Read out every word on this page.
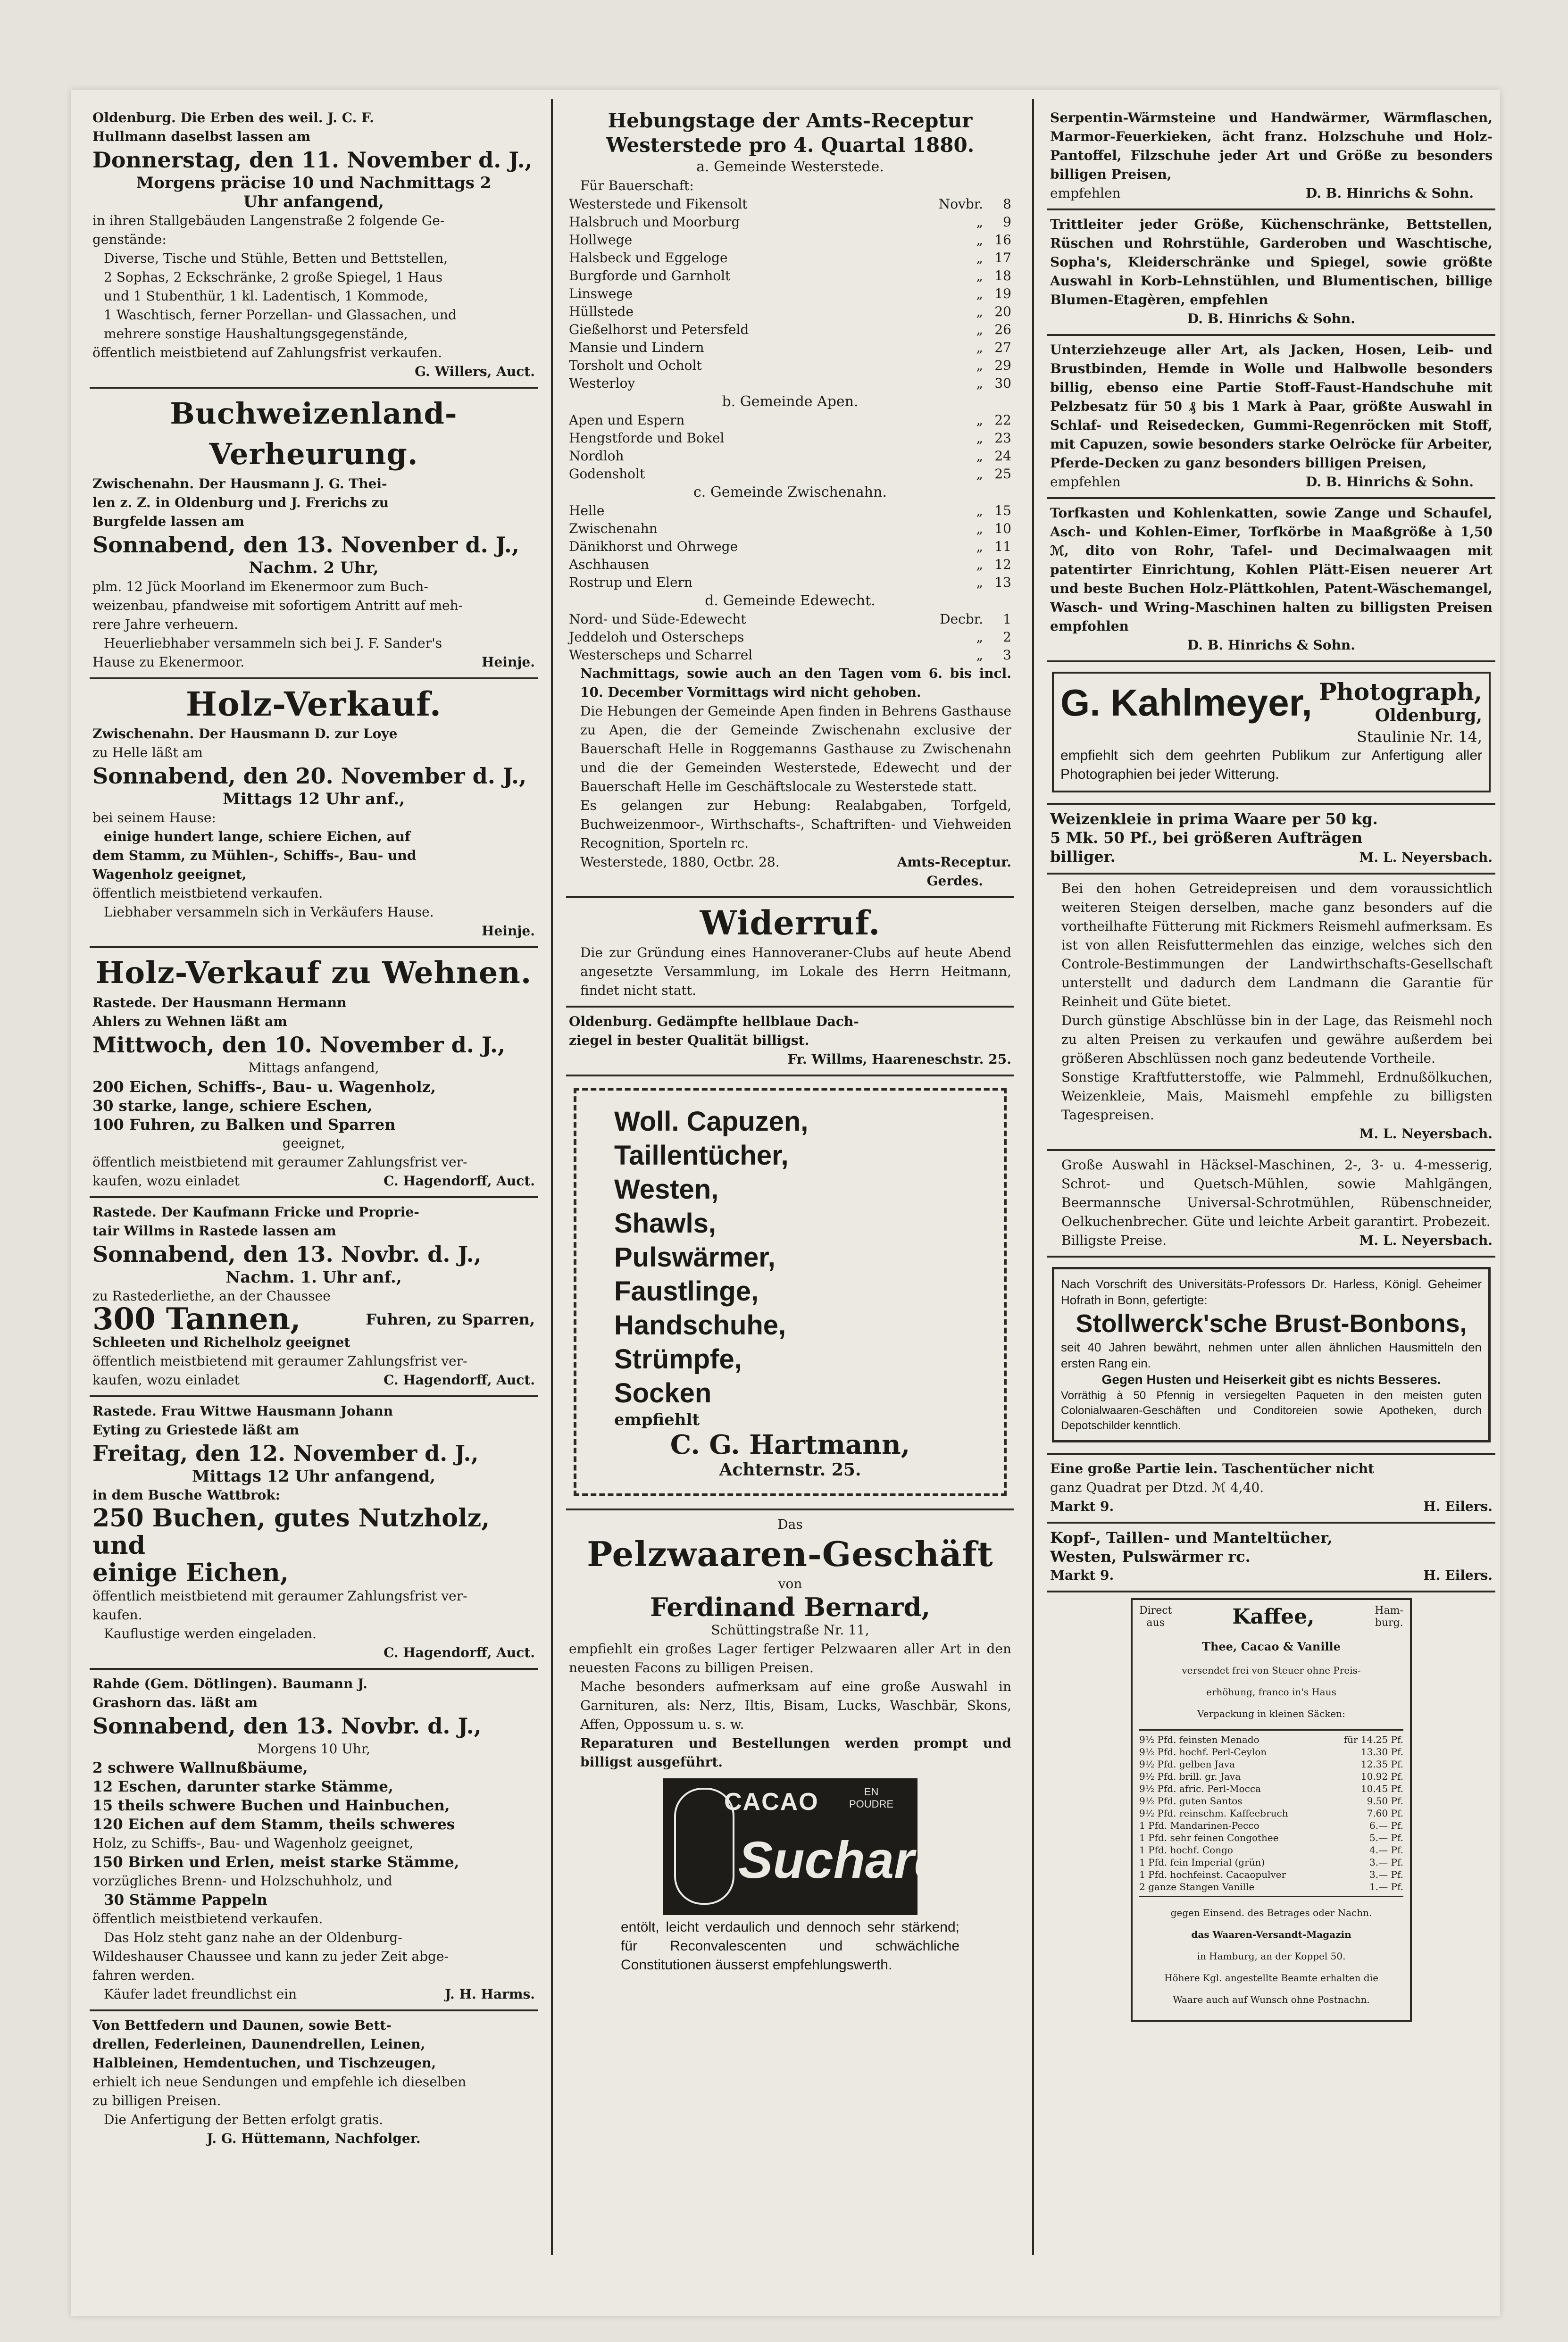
Oldenburg. Die Erben des weil. J. C. F.

Hullmann daselbst lassen am

Donnerstag, den 11. November d. J.,

Morgens präcise 10 und Nachmittags 2

Uhr anfangend,

in ihren Stallgebäuden Langenstraße 2 folgende Ge-

genstände:

Diverse, Tische und Stühle, Betten und Bettstellen,

2 Sophas, 2 Eckschränke, 2 große Spiegel, 1 Haus

und 1 Stubenthür, 1 kl. Ladentisch, 1 Kommode,

1 Waschtisch, ferner Porzellan- und Glassachen, und

mehrere sonstige Haushaltungsgegenstände,

öffentlich meistbietend auf Zahlungsfrist verkaufen.

G. Willers, Auct.

Buchweizenland-Verheurung.

Zwischenahn. Der Hausmann J. G. Thei-

len z. Z. in Oldenburg und J. Frerichs zu

Burgfelde lassen am

Sonnabend, den 13. Novenber d. J.,

Nachm. 2 Uhr,

plm. 12 Jück Moorland im Ekenermoor zum Buch-

weizenbau, pfandweise mit sofortigem Antritt auf meh-

rere Jahre verheuern.

Heuerliebhaber versammeln sich bei J. F. Sander's

Hause zu Ekenermoor.	Heinje.

Holz-Verkauf.

Zwischenahn. Der Hausmann D. zur Loye

zu Helle läßt am

Sonnabend, den 20. November d. J.,

Mittags 12 Uhr anf.,

bei seinem Hause:

einige hundert lange, schiere Eichen, auf

dem Stamm, zu Mühlen-, Schiffs-, Bau- und

Wagenholz geeignet,

öffentlich meistbietend verkaufen.

Liebhaber versammeln sich in Verkäufers Hause.

Heinje.

Holz-Verkauf zu Wehnen.

Rastede. Der Hausmann Hermann

Ahlers zu Wehnen läßt am

Mittwoch, den 10. November d. J.,

Mittags anfangend,

200 Eichen, Schiffs-, Bau- u. Wagenholz,

30 starke, lange, schiere Eschen,

100 Fuhren, zu Balken und Sparren

geeignet,

öffentlich meistbietend mit geraumer Zahlungsfrist ver-

kaufen, wozu einladet	C. Hagendorff, Auct.

Rastede. Der Kaufmann Fricke und Proprie-

tair Willms in Rastede lassen am

Sonnabend, den 13. Novbr. d. J.,

Nachm. 1. Uhr anf.,

zu Rastederliethe, an der Chaussee

300 Tannen,	Fuhren, zu Sparren,

Schleeten und Richelholz geeignet

öffentlich meistbietend mit geraumer Zahlungsfrist ver-

kaufen, wozu einladet	C. Hagendorff, Auct.

Rastede. Frau Wittwe Hausmann Johann

Eyting zu Griestede läßt am

Freitag, den 12. November d. J.,

Mittags 12 Uhr anfangend,

in dem Busche Wattbrok:

250 Buchen, gutes Nutzholz, und

einige Eichen,

öffentlich meistbietend mit geraumer Zahlungsfrist ver-

kaufen.

Kauflustige werden eingeladen.

C. Hagendorff, Auct.

Rahde (Gem. Dötlingen). Baumann J.

Grashorn das. läßt am

Sonnabend, den 13. Novbr. d. J.,

Morgens 10 Uhr,

2 schwere Wallnußbäume,

12 Eschen, darunter starke Stämme,

15 theils schwere Buchen und Hainbuchen,

120 Eichen auf dem Stamm, theils schweres

Holz, zu Schiffs-, Bau- und Wagenholz geeignet,

150 Birken und Erlen, meist starke Stämme,

vorzügliches Brenn- und Holzschuhholz, und

30 Stämme Pappeln

öffentlich meistbietend verkaufen.

Das Holz steht ganz nahe an der Oldenburg-

Wildeshauser Chaussee und kann zu jeder Zeit abge-

fahren werden.

Käufer ladet freundlichst ein	J. H. Harms.

Von Bettfedern und Daunen, sowie Bett-

drellen, Federleinen, Daunendrellen, Leinen,

Halbleinen, Hemdentuchen, und Tischzeugen,

erhielt ich neue Sendungen und empfehle ich dieselben

zu billigen Preisen.

Die Anfertigung der Betten erfolgt gratis.

J. G. Hüttemann, Nachfolger.

Hebungstage der Amts-Receptur

Westerstede pro 4. Quartal 1880.

a. Gemeinde Westerstede.

Für Bauerschaft:

Westerstede und Fikensolt	Novbr.	8
Halsbruch und Moorburg	„	9
Hollwege	„ 16
Halsbeck und Eggeloge	„ 17
Burgforde und Garnholt	„ 18
Linswege	„ 19
Hüllstede	„ 20
Gießelhorst und Petersfeld	„ 26
Mansie und Lindern	„ 27
Torsholt und Ocholt	„ 29
Westerloy	„ 30

b. Gemeinde Apen.

Apen und Espern	„ 22
Hengstforde und Bokel	„ 23
Nordloh	„ 24
Godensholt	„ 25

c. Gemeinde Zwischenahn.

Helle	„ 15
Zwischenahn	„ 10
Dänikhorst und Ohrwege	„ 11
Aschhausen	„ 12
Rostrup und Elern	„ 13

d. Gemeinde Edewecht.

Nord- und Süde-Edewecht	Decbr.	1
Jeddeloh und Osterscheps	„	2
Westerscheps und Scharrel	„	3

Nachmittags, sowie auch an den Tagen vom 6. bis incl. 10. December Vormittags wird nicht gehoben.

Die Hebungen der Gemeinde Apen finden in Behrens Gasthause zu Apen, die der Gemeinde Zwischenahn exclusive der Bauerschaft Helle in Roggemanns Gasthause zu Zwischenahn und die der Gemeinden Westerstede, Edewecht und der Bauerschaft Helle im Geschäftslocale zu Westerstede statt.

Es gelangen zur Hebung: Realabgaben, Torfgeld, Buchweizenmoor-, Wirthschafts-, Schaftriften- und Viehweiden Recognition, Sporteln rc.

Westerstede, 1880, Octbr. 28.	Amts-Receptur.

Gerdes.

Widerruf.

Die zur Gründung eines Hannoveraner-Clubs auf heute Abend angesetzte Versammlung, im Lokale des Herrn Heitmann, findet nicht statt.

Oldenburg. Gedämpfte hellblaue Dach-

ziegel in bester Qualität billigst.

Fr. Willms, Haareneschstr. 25.

Woll. Capuzen,

Taillentücher,

Westen,

Shawls,

Pulswärmer,

Faustlinge,

Handschuhe,

Strümpfe,

Socken

empfiehlt

C. G. Hartmann,

Achternstr. 25.

Das

Pelzwaaren-Geschäft

von

Ferdinand Bernard,

Schüttingstraße Nr. 11,

empfiehlt ein großes Lager fertiger Pelzwaaren aller Art in den neuesten Facons zu billigen Preisen.

Mache besonders aufmerksam auf eine große Auswahl in Garnituren, als: Nerz, Iltis, Bisam, Lucks, Waschbär, Skons, Affen, Oppossum u. s. w.

Reparaturen und Bestellungen werden prompt und billigst ausgeführt.

CACAO	EN
POUDRE
Suchard

entölt, leicht verdaulich und dennoch sehr stärkend; für Reconvalescenten und schwächliche Constitutionen äusserst empfehlungswerth.

Serpentin-Wärmsteine und Handwärmer, Wärmflaschen, Marmor-Feuerkieken, ächt franz. Holzschuhe und Holz-Pantoffel, Filzschuhe jeder Art und Größe zu besonders billigen Preisen,

empfehlen	D. B. Hinrichs & Sohn.

Trittleiter jeder Größe, Küchenschränke, Bettstellen, Rüschen und Rohrstühle, Garderoben und Waschtische, Sopha's, Kleiderschränke und Spiegel, sowie größte Auswahl in Korb-Lehnstühlen, und Blumentischen, billige Blumen-Etagèren, empfehlen

D. B. Hinrichs & Sohn.

Unterziehzeuge aller Art, als Jacken, Hosen, Leib- und Brustbinden, Hemde in Wolle und Halbwolle besonders billig, ebenso eine Partie Stoff-Faust-Handschuhe mit Pelzbesatz für 50 ₰ bis 1 Mark à Paar, größte Auswahl in Schlaf- und Reisedecken, Gummi-Regenröcken mit Stoff, mit Capuzen, sowie besonders starke Oelröcke für Arbeiter, Pferde-Decken zu ganz besonders billigen Preisen,

empfehlen	D. B. Hinrichs & Sohn.

Torfkasten und Kohlenkatten, sowie Zange und Schaufel, Asch- und Kohlen-Eimer, Torfkörbe in Maaßgröße à 1,50 ℳ, dito von Rohr, Tafel- und Decimalwaagen mit patentirter Einrichtung, Kohlen Plätt-Eisen neuerer Art und beste Buchen Holz-Plättkohlen, Patent-Wäschemangel, Wasch- und Wring-Maschinen halten zu billigsten Preisen empfohlen

D. B. Hinrichs & Sohn.

G. Kahlmeyer, Photograph,

Oldenburg,

Staulinie Nr. 14,

empfiehlt sich dem geehrten Publikum zur Anfertigung aller Photographien bei jeder Witterung.

Weizenkleie in prima Waare per 50 kg.

5 Mk. 50 Pf., bei größeren Aufträgen

billiger.	M. L. Neyersbach.

Bei den hohen Getreidepreisen und dem voraussichtlich weiteren Steigen derselben, mache ganz besonders auf die vortheilhafte Fütterung mit Rickmers Reismehl aufmerksam. Es ist von allen Reisfuttermehlen das einzige, welches sich den Controle-Bestimmungen der Landwirthschafts-Gesellschaft unterstellt und dadurch dem Landmann die Garantie für Reinheit und Güte bietet.

Durch günstige Abschlüsse bin in der Lage, das Reismehl noch zu alten Preisen zu verkaufen und gewähre außerdem bei größeren Abschlüssen noch ganz bedeutende Vortheile.

Sonstige Kraftfutterstoffe, wie Palmmehl, Erdnußölkuchen, Weizenkleie, Mais, Maismehl empfehle zu billigsten Tagespreisen.

M. L. Neyersbach.

Große Auswahl in Häcksel-Maschinen, 2-, 3- u. 4-messerig, Schrot- und Quetsch-Mühlen, sowie Mahlgängen, Beermannsche Universal-Schrotmühlen, Rübenschneider, Oelkuchenbrecher. Güte und leichte Arbeit garantirt. Probezeit.

Billigste Preise.	M. L. Neyersbach.

Nach Vorschrift des Universitäts-Professors Dr. Harless, Königl. Geheimer Hofrath in Bonn, gefertigte:

Stollwerck'sche Brust-Bonbons,

seit 40 Jahren bewährt, nehmen unter allen ähnlichen Hausmitteln den ersten Rang ein.

Gegen Husten und Heiserkeit gibt es nichts Besseres.

Vorräthig à 50 Pfennig in versiegelten Paqueten in den meisten guten Colonialwaaren-Geschäften und Conditoreien sowie Apotheken, durch Depotschilder kenntlich.

Eine große Partie lein. Taschentücher nicht

ganz Quadrat per Dtzd. ℳ 4,40.

Markt 9.	H. Eilers.

Kopf-, Taillen- und Manteltücher,

Westen, Pulswärmer rc.

Markt 9.	H. Eilers.

Direct
aus	Kaffee,	Ham-
burg.

Thee, Cacao & Vanille

versendet frei von Steuer ohne Preis-

erhöhung, franco in's Haus

Verpackung in kleinen Säcken:

9½ Pfd. feinsten Menado	für 14.25 Pf.
9½ Pfd. hochf. Perl-Ceylon	13.30 Pf.
9½ Pfd. gelben Java	12.35 Pf.
9½ Pfd. brill. gr. Java	10.92 Pf.
9½ Pfd. afric. Perl-Mocca	10.45 Pf.
9½ Pfd. guten Santos	9.50 Pf.
9½ Pfd. reinschm. Kaffeebruch	7.60 Pf.
1 Pfd. Mandarinen-Pecco	6.— Pf.
1 Pfd. sehr feinen Congothee	5.— Pf.
1 Pfd. hochf. Congo	4.— Pf.
1 Pfd. fein Imperial (grün)	3.— Pf.
1 Pfd. hochfeinst. Cacaopulver	3.— Pf.
2 ganze Stangen Vanille	1.— Pf.

gegen Einsend. des Betrages oder Nachn.

das Waaren-Versandt-Magazin

in Hamburg, an der Koppel 50.

Höhere Kgl. angestellte Beamte erhalten die

Waare auch auf Wunsch ohne Postnachn.
